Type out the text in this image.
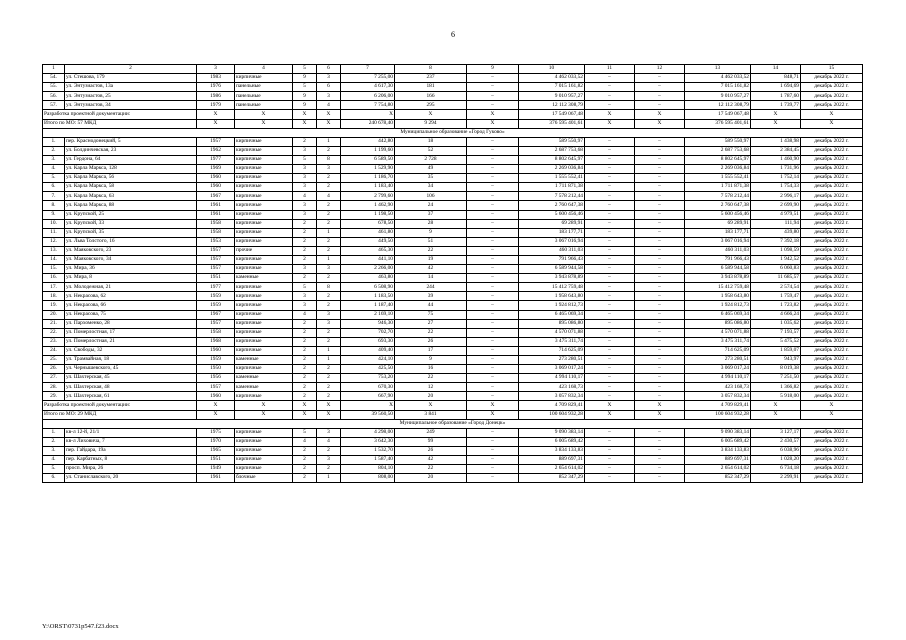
6
1	2	3	4	5	6	7	8	9	10	11	12	13	14	15
54.	ул. Стешова, 179	1983	кирпичные	9	3	7 255,00	237	–	4 462 033,52	–	–	4 462 033,52	848,71	декабрь 2022 г.
55.	ул. Энтузиастов, 13а	1976	панельные	5	6	4 617,30	181	–	7 015 161,82	–	–	7 015 161,82	1 694,69	декабрь 2022 г.
56.	ул. Энтузиастов, 25	1986	панельные	9	3	6 206,00	166	–	9 010 957,27	–	–	9 010 957,27	1 787,60	декабрь 2022 г.
57.	ул. Энтузиастов, 34	1979	панельные	9	4	7 754,80	295	–	12 112 308,79	–	–	12 112 308,79	1 739,77	декабрь 2022 г.
Разработка проектной документации:		X	X	X	X	X	X	X	17 549 067,48	X	X	17 549 067,48	X	X
Итого по МО: 57 МКД		X	X	X	X	240 678,40	9 294	X	376 595 401,61	X	X	376 595 401,61	X	X
Муниципальное образование «Город Гуково»														
1.	пер. Краснодонецкий, 5	1957	кирпичные	2	1	442,80	18	–	589 550,97	–	–	589 550,97	1 438,98	декабрь 2022 г.
2.	ул. Болдинчевская, 23	1962	кирпичные	3	2	1 199,60	52	–	2 687 753,68	–	–	2 687 753,68	2 384,45	декабрь 2022 г.
3.	ул. Гердона, 64	1977	кирпичные	5	8	6 589,50	2 728	–	8 802 645,97	–	–	8 802 645,97	1 460,90	декабрь 2022 г.
4.	ул. Карла Маркса, 128	1969	кирпичные	3	3	1 529,90	49	–	2 269 036,84	–	–	2 269 036,84	1 731,96	декабрь 2022 г.
5.	ул. Карла Маркса, 56	1960	кирпичные	3	2	1 186,70	35	–	1 555 552,41	–	–	1 555 552,41	1 752,14	декабрь 2022 г.
6.	ул. Карла Маркса, 58	1960	кирпичные	3	2	1 183,40	34	–	1 711 871,38	–	–	1 711 871,38	1 754,33	декабрь 2022 г.
7.	ул. Карла Маркса, 63	1967	кирпичные	4	4	2 799,60	106	–	7 578 212,44	–	–	7 578 212,44	2 996,17	декабрь 2022 г.
8.	ул. Карла Маркса, 88	1961	кирпичные	3	2	1 462,90	24	–	2 760 647,38	–	–	2 760 647,38	2 699,90	декабрь 2022 г.
9.	ул. Крупской, 25	1961	кирпичные	3	2	1 198,50	37	–	5 600 456,46	–	–	5 600 456,46	4 979,51	декабрь 2022 г.
10.	ул. Крупской, 33	1958	кирпичные	2	2	678,50	28	–	69 289,91	–	–	69 289,91	111,94	декабрь 2022 г.
11.	ул. Крупской, 35	1958	кирпичные	2	1	461,80	9	–	183 177,71	–	–	183 177,71	439,80	декабрь 2022 г.
12.	ул. Льва Толстого, 16	1953	кирпичные	2	2	449,50	51	–	3 067 016,94	–	–	3 067 016,94	7 392,18	декабрь 2022 г.
13.	ул. Маяковского, 23	1957	прочие	2	2	465,30	22	–	460 311,03	–	–	460 311,03	1 098,59	декабрь 2022 г.
14.	ул. Маяковского, 34	1957	кирпичные	2	1	441,10	19	–	791 966,43	–	–	791 966,43	1 942,52	декабрь 2022 г.
15.	ул. Мира, 36	1957	кирпичные	3	3	2 266,00	42	–	6 589 944,58	–	–	6 589 944,58	6 060,83	декабрь 2022 г.
16.	ул. Мира, 8	1951	каменные	2	2	463,80	14	–	3 943 878,89	–	–	3 943 878,89	11 685,57	декабрь 2022 г.
17.	ул. Молодежная, 21	1977	кирпичные	5	8	6 508,90	244	–	15 412 759,48	–	–	15 412 759,48	2 574,54	декабрь 2022 г.
18.	ул. Некрасова, 62	1959	кирпичные	3	2	1 183,50	39	–	1 958 643,80	–	–	1 958 643,80	1 759,47	декабрь 2022 г.
19.	ул. Некрасова, 66	1959	кирпичные	3	2	1 187,40	44	–	1 924 812,73	–	–	1 924 812,73	1 723,82	декабрь 2022 г.
20.	ул. Некрасова, 75	1967	кирпичные	4	3	2 169,10	75	–	6 465 069,34	–	–	6 465 069,34	4 666,24	декабрь 2022 г.
21.	ул. Пархоменко, 28	1957	кирпичные	2	3	946,30	27	–	895 086,80	–	–	895 086,80	1 035,62	декабрь 2022 г.
22.	ул. Померлостная, 17	1958	кирпичные	2	2	702,70	22	–	4 570 071,88	–	–	4 570 071,88	7 193,57	декабрь 2022 г.
23.	ул. Померлостная, 21	1968	кирпичные	2	2	693,30	26	–	3 475 311,74	–	–	3 475 311,74	5 475,52	декабрь 2022 г.
24.	ул. Свободы, 32	1960	кирпичные	2	1	409,40	17	–	714 625,09	–	–	714 625,09	1 859,07	декабрь 2022 г.
25.	ул. Трамвайная, 18	1959	каменные	2	1	424,10	9	–	273 280,51	–	–	273 280,51	943,97	декабрь 2022 г.
26.	ул. Чернышевского, 45	1950	кирпичные	2	2	425,50	16	–	3 069 017,24	–	–	3 069 017,24	8 019,38	декабрь 2022 г.
27.	ул. Шахтерская, 45	1956	каменные	2	2	753,20	22	–	4 994 110,17	–	–	4 994 110,17	7 251,50	декабрь 2022 г.
28.	ул. Шахтерская, 48	1957	каменные	2	2	670,30	12	–	423 168,73	–	–	423 168,73	1 366,82	декабрь 2022 г.
29.	ул. Шахтерская, 61	1960	кирпичные	2	2	667,90	20	–	3 057 832,34	–	–	3 057 832,34	5 918,00	декабрь 2022 г.
Разработка проектной документации:		X	X	X	X	X	X	X	4 709 829,41	X	X	4 709 829,41	X	X
Итого по МО: 29 МКД		X	X	X	X	39 560,50	3 841	X	100 604 932,28	X	X	100 604 932,28	X	X
Муниципальное образование «Город Донецк»														
1.	кв-л 12-й, 21/1	1975	кирпичные	5	3	4 298,00	249	–	9 090 383,14	–	–	9 090 383,14	3 127,17	декабрь 2022 г.
2.	кв-л Лиховича, 7	1970	кирпичные	4	4	3 642,30	99	–	6 005 689,42	–	–	6 005 689,42	2 430,57	декабрь 2022 г.
3.	пер. Гайдара, 19а	1965	кирпичные	2	2	1 532,70	26	–	3 834 133,83	–	–	3 834 133,83	6 038,96	декабрь 2022 г.
4.	пер. Карбатных, 8	1951	кирпичные	2	3	1 587,40	42	–	889 697,31	–	–	889 697,31	1 028,20	декабрь 2022 г.
5.	просп. Мира, 26	1949	кирпичные	2	2	804,10	22	–	2 654 614,02	–	–	2 654 614,02	6 734,18	декабрь 2022 г.
6.	ул. Станиславского, 20	1961	блочные	2	1	808,00	20	–	852 347,29	–	–	852 347,29	2 299,91	декабрь 2022 г.
Y:\ORST\0731p547.f23.docx
